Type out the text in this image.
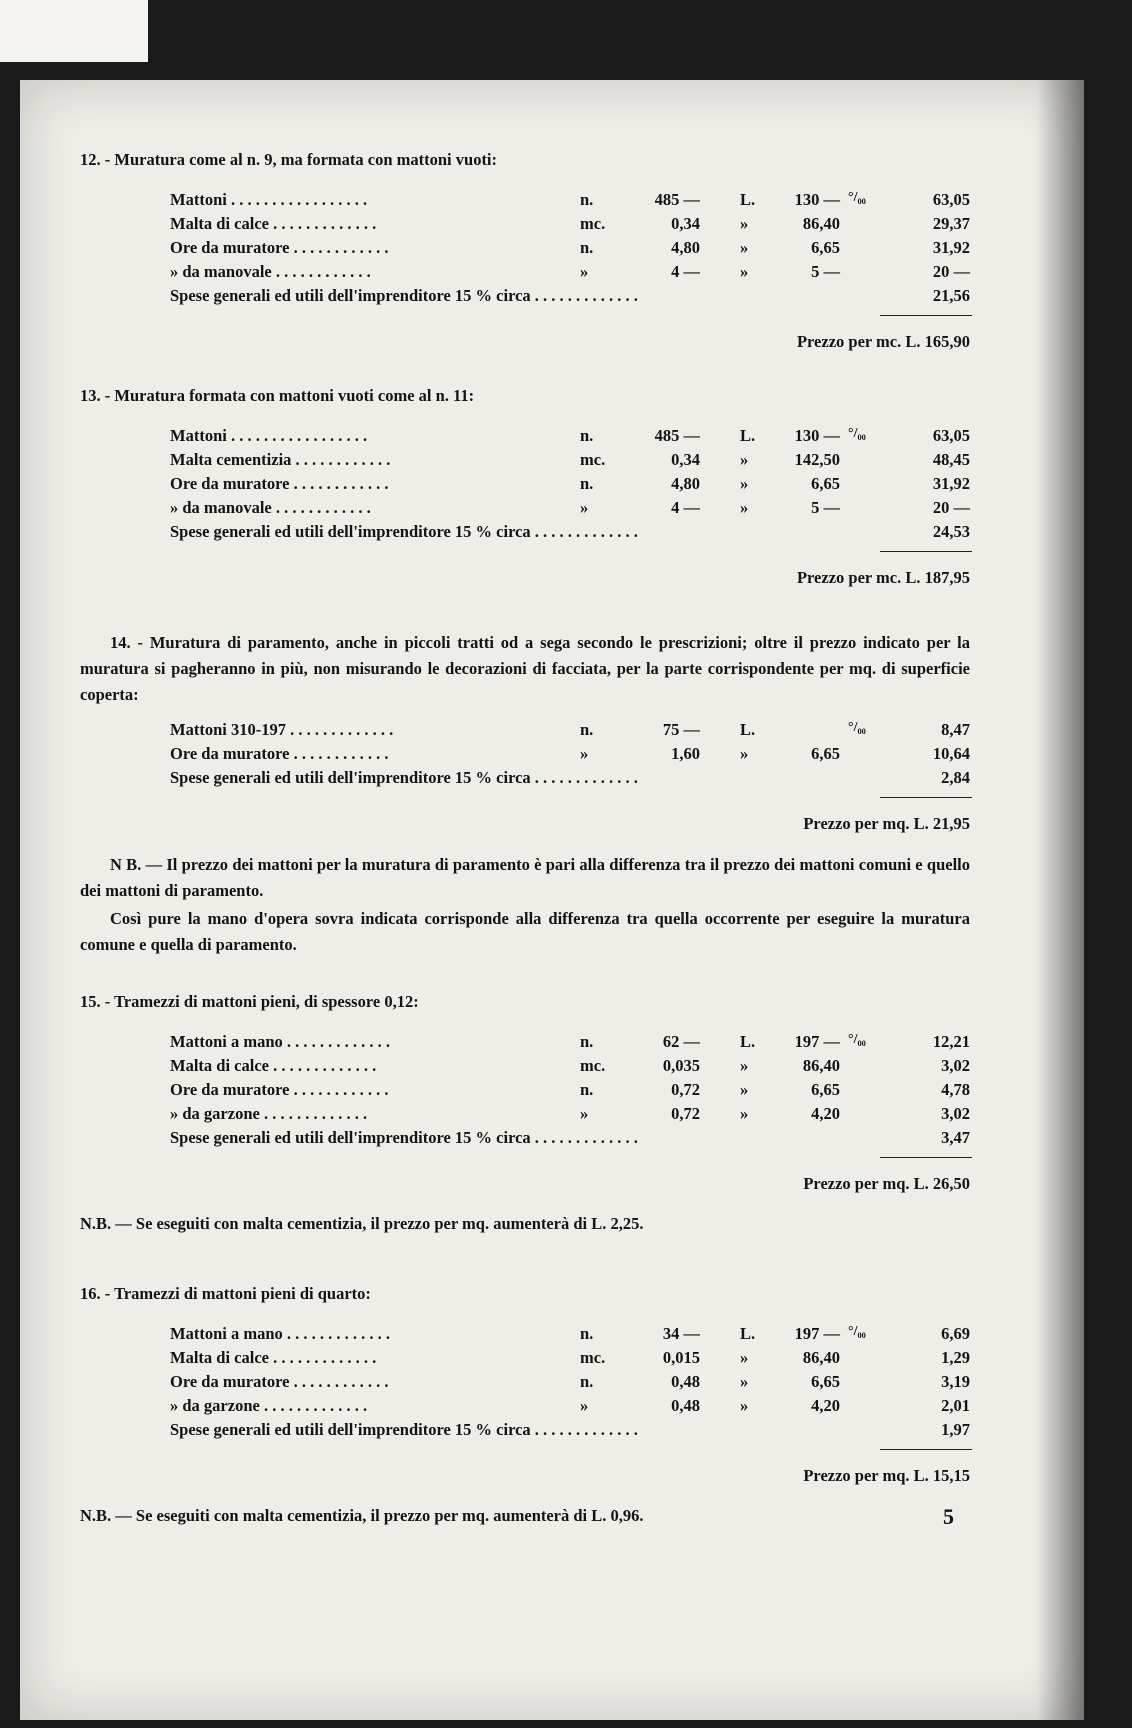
12. - Muratura come al n. 9, ma formata con mattoni vuoti:
Mattoni . . . . . . . . . . . . . . . . .	n.	485 — L.	130 — °/₀₀	63,05
Malta di calce . . . . . . . . . . . . .	mc.	0,34 »	86,40	29,37
Ore da muratore . . . . . . . . . . . .	n.	4,80 »	6,65	31,92
» da manovale . . . . . . . . . . . .	»	4 — »	5 —	20 —
Spese generali ed utili dell'imprenditore 15 % circa . . . . . . . . . . . . .	21,56
Prezzo per mc. L. 165,90
13. - Muratura formata con mattoni vuoti come al n. 11:
Mattoni . . . . . . . . . . . . . . . . .	n.	485 — L.	130 — °/₀₀	63,05
Malta cementizia . . . . . . . . . . . .	mc.	0,34 »	142,50	48,45
Ore da muratore . . . . . . . . . . . .	n.	4,80 »	6,65	31,92
» da manovale . . . . . . . . . . . .	»	4 — »	5 —	20 —
Spese generali ed utili dell'imprenditore 15 % circa . . . . . . . . . . . . .	24,53
Prezzo per mc. L. 187,95
14. - Muratura di paramento, anche in piccoli tratti od a sega secondo le prescrizioni; oltre il prezzo indicato per la muratura si pagheranno in più, non misurando le decorazioni di facciata, per la parte corrispondente per mq. di superficie coperta:
Mattoni 310-197 . . . . . . . . . . . . .	n.	75 — L.	°/₀₀	8,47
Ore da muratore . . . . . . . . . . . .	»	1,60 »	6,65	10,64
Spese generali ed utili dell'imprenditore 15 % circa . . . . . . . . . . . . .	2,84
Prezzo per mq. L. 21,95
N B. — Il prezzo dei mattoni per la muratura di paramento è pari alla differenza tra il prezzo dei mattoni comuni e quello dei mattoni di paramento.
Così pure la mano d'opera sovra indicata corrisponde alla differenza tra quella occorrente per eseguire la muratura comune e quella di paramento.
15. - Tramezzi di mattoni pieni, di spessore 0,12:
Mattoni a mano . . . . . . . . . . . . .	n.	62 — L.	197 — °/₀₀	12,21
Malta di calce . . . . . . . . . . . . .	mc.	0,035 »	86,40	3,02
Ore da muratore . . . . . . . . . . . .	n.	0,72 »	6,65	4,78
» da garzone . . . . . . . . . . . . .	»	0,72 »	4,20	3,02
Spese generali ed utili dell'imprenditore 15 % circa . . . . . . . . . . . . .	3,47
Prezzo per mq. L. 26,50
N.B. — Se eseguiti con malta cementizia, il prezzo per mq. aumenterà di L. 2,25.
16. - Tramezzi di mattoni pieni di quarto:
Mattoni a mano . . . . . . . . . . . . .	n.	34 — L.	197 — °/₀₀	6,69
Malta di calce . . . . . . . . . . . . .	mc.	0,015 »	86,40	1,29
Ore da muratore . . . . . . . . . . . .	n.	0,48 »	6,65	3,19
» da garzone . . . . . . . . . . . . .	»	0,48 »	4,20	2,01
Spese generali ed utili dell'imprenditore 15 % circa . . . . . . . . . . . . .	1,97
Prezzo per mq. L. 15,15
N.B. — Se eseguiti con malta cementizia, il prezzo per mq. aumenterà di L. 0,96.	5
